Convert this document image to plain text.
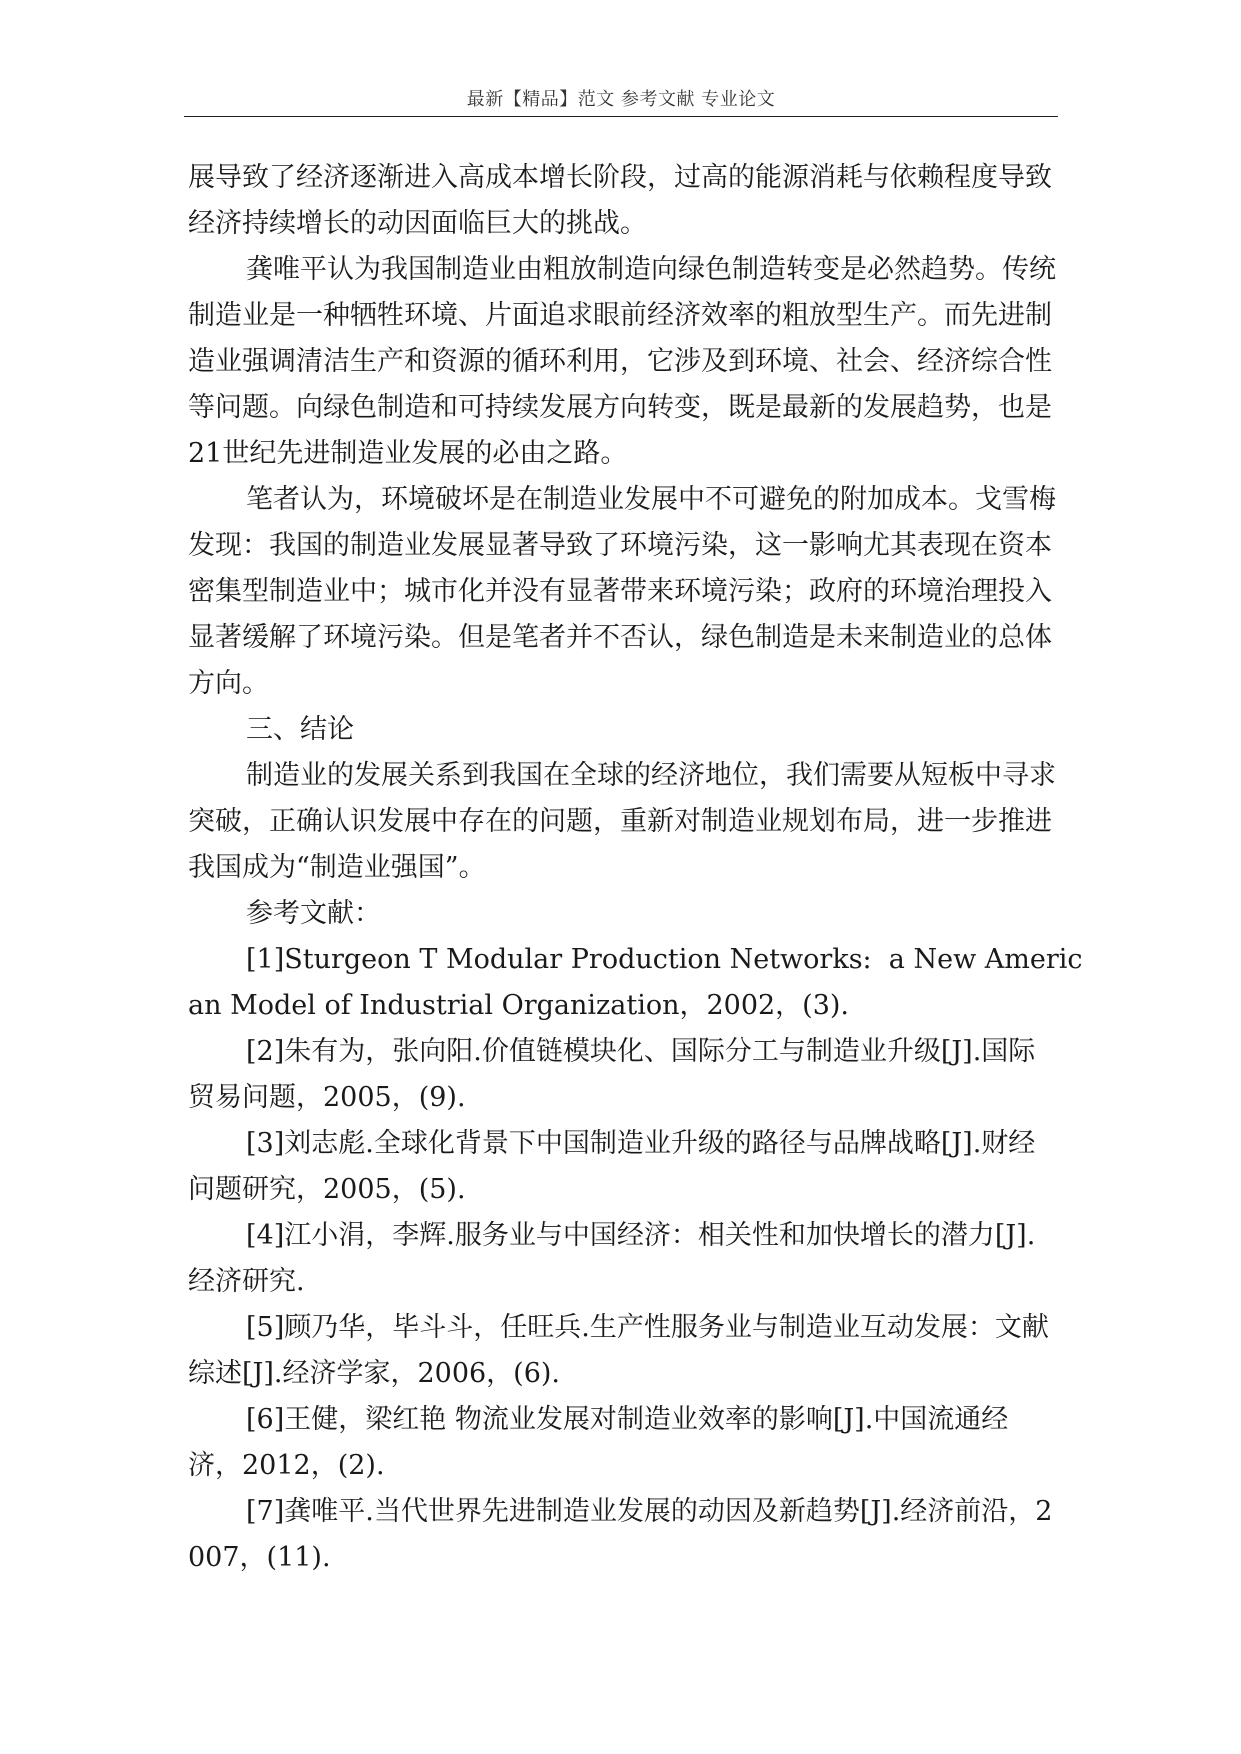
最新【精品】范文 参考文献 专业论文

展导致了经济逐渐进入高成本增长阶段，过高的能源消耗与依赖程度导致经济持续增长的动因面临巨大的挑战。

龚唯平认为我国制造业由粗放制造向绿色制造转变是必然趋势。传统制造业是一种牺牲环境、片面追求眼前经济效率的粗放型生产。而先进制造业强调清洁生产和资源的循环利用，它涉及到环境、社会、经济综合性等问题。向绿色制造和可持续发展方向转变，既是最新的发展趋势，也是21世纪先进制造业发展的必由之路。

笔者认为，环境破坏是在制造业发展中不可避免的附加成本。戈雪梅发现：我国的制造业发展显著导致了环境污染，这一影响尤其表现在资本密集型制造业中；城市化并没有显著带来环境污染；政府的环境治理投入显著缓解了环境污染。但是笔者并不否认，绿色制造是未来制造业的总体方向。

三、结论

制造业的发展关系到我国在全球的经济地位，我们需要从短板中寻求突破，正确认识发展中存在的问题，重新对制造业规划布局，进一步推进我国成为“制造业强国”。

参考文献：

[1]Sturgeon T Modular Production Networks:  a New American Model of Industrial Organization，2002，(3).

[2]朱有为，张向阳.价值链模块化、国际分工与制造业升级[J].国际贸易问题，2005，(9).

[3]刘志彪.全球化背景下中国制造业升级的路径与品牌战略[J].财经问题研究，2005，(5).

[4]江小涓，李辉.服务业与中国经济：相关性和加快增长的潜力[J].经济研究.

[5]顾乃华，毕斗斗，任旺兵.生产性服务业与制造业互动发展：文献综述[J].经济学家，2006，(6).

[6]王健，梁红艳 物流业发展对制造业效率的影响[J].中国流通经济，2012，(2).

[7]龚唯平.当代世界先进制造业发展的动因及新趋势[J].经济前沿，2007，(11).
